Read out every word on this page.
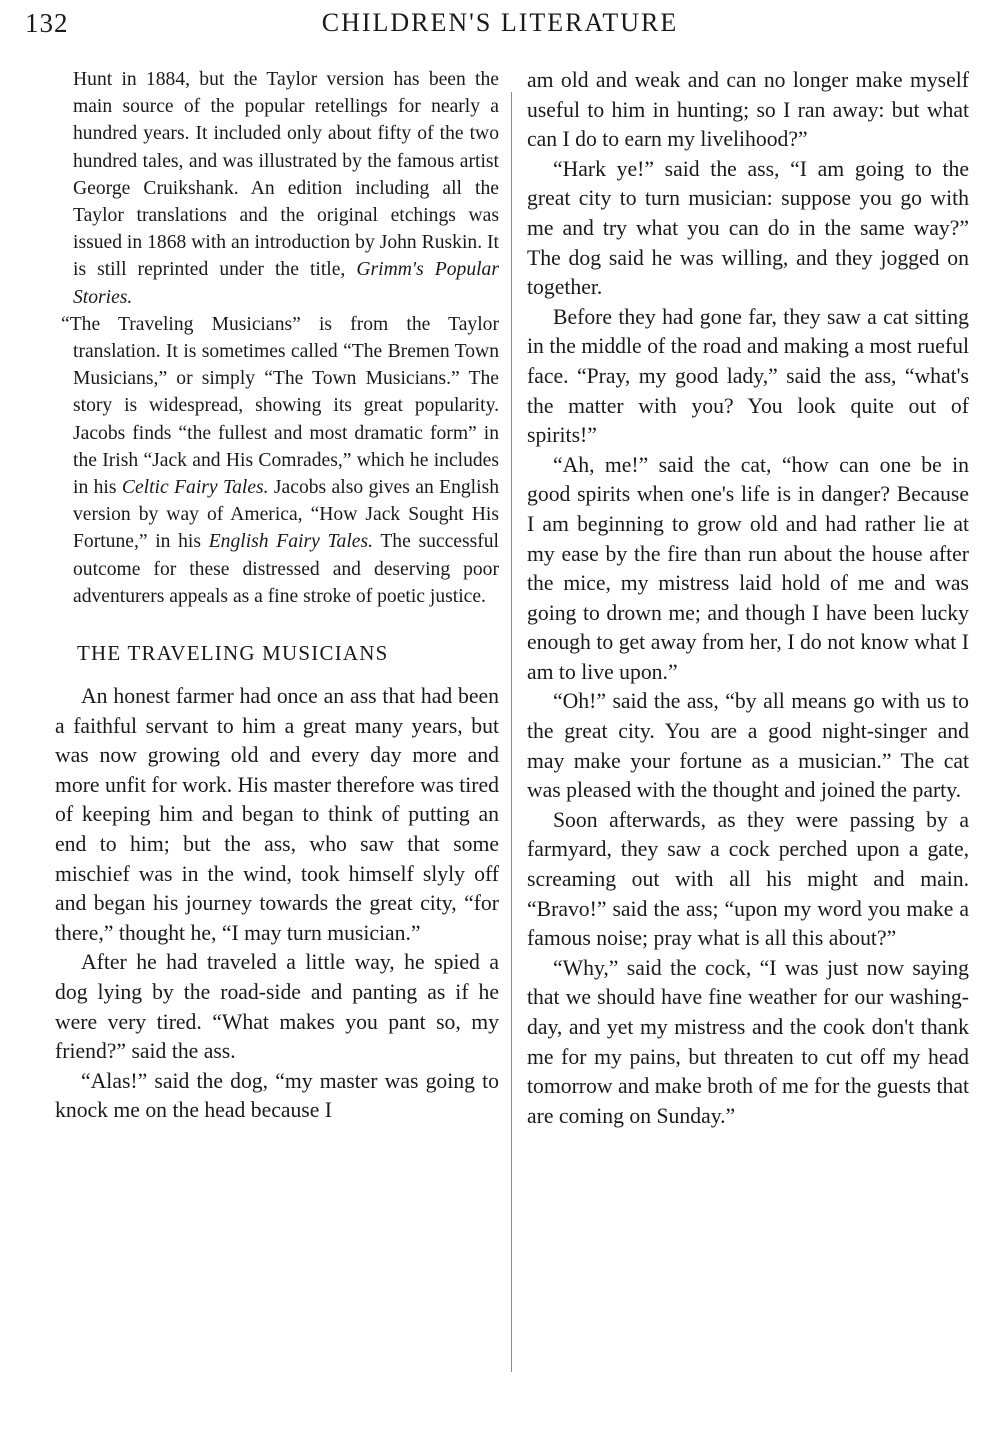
132	CHILDREN'S LITERATURE

Hunt in 1884, but the Taylor version has been the main source of the popular retellings for nearly a hundred years. It included only about fifty of the two hundred tales, and was illustrated by the famous artist George Cruikshank. An edition including all the Taylor translations and the original etchings was issued in 1868 with an introduction by John Ruskin. It is still reprinted under the title, Grimm's Popular Stories.

“The Traveling Musicians” is from the Taylor translation. It is sometimes called “The Bremen Town Musicians,” or simply “The Town Musicians.” The story is widespread, showing its great popularity. Jacobs finds “the fullest and most dramatic form” in the Irish “Jack and His Comrades,” which he includes in his Celtic Fairy Tales. Jacobs also gives an English version by way of America, “How Jack Sought His Fortune,” in his English Fairy Tales. The successful outcome for these distressed and deserving poor adventurers appeals as a fine stroke of poetic justice.

THE TRAVELING MUSICIANS

An honest farmer had once an ass that had been a faithful servant to him a great many years, but was now growing old and every day more and more unfit for work. His master therefore was tired of keeping him and began to think of putting an end to him; but the ass, who saw that some mischief was in the wind, took himself slyly off and began his journey towards the great city, “for there,” thought he, “I may turn musician.”

After he had traveled a little way, he spied a dog lying by the road-side and panting as if he were very tired. “What makes you pant so, my friend?” said the ass.

“Alas!” said the dog, “my master was going to knock me on the head because I

am old and weak and can no longer make myself useful to him in hunting; so I ran away: but what can I do to earn my livelihood?”

“Hark ye!” said the ass, “I am going to the great city to turn musician: suppose you go with me and try what you can do in the same way?” The dog said he was willing, and they jogged on together.

Before they had gone far, they saw a cat sitting in the middle of the road and making a most rueful face. “Pray, my good lady,” said the ass, “what's the matter with you? You look quite out of spirits!”

“Ah, me!” said the cat, “how can one be in good spirits when one's life is in danger? Because I am beginning to grow old and had rather lie at my ease by the fire than run about the house after the mice, my mistress laid hold of me and was going to drown me; and though I have been lucky enough to get away from her, I do not know what I am to live upon.”

“Oh!” said the ass, “by all means go with us to the great city. You are a good night-singer and may make your fortune as a musician.” The cat was pleased with the thought and joined the party.

Soon afterwards, as they were passing by a farmyard, they saw a cock perched upon a gate, screaming out with all his might and main. “Bravo!” said the ass; “upon my word you make a famous noise; pray what is all this about?”

“Why,” said the cock, “I was just now saying that we should have fine weather for our washing-day, and yet my mistress and the cook don't thank me for my pains, but threaten to cut off my head tomorrow and make broth of me for the guests that are coming on Sunday.”
